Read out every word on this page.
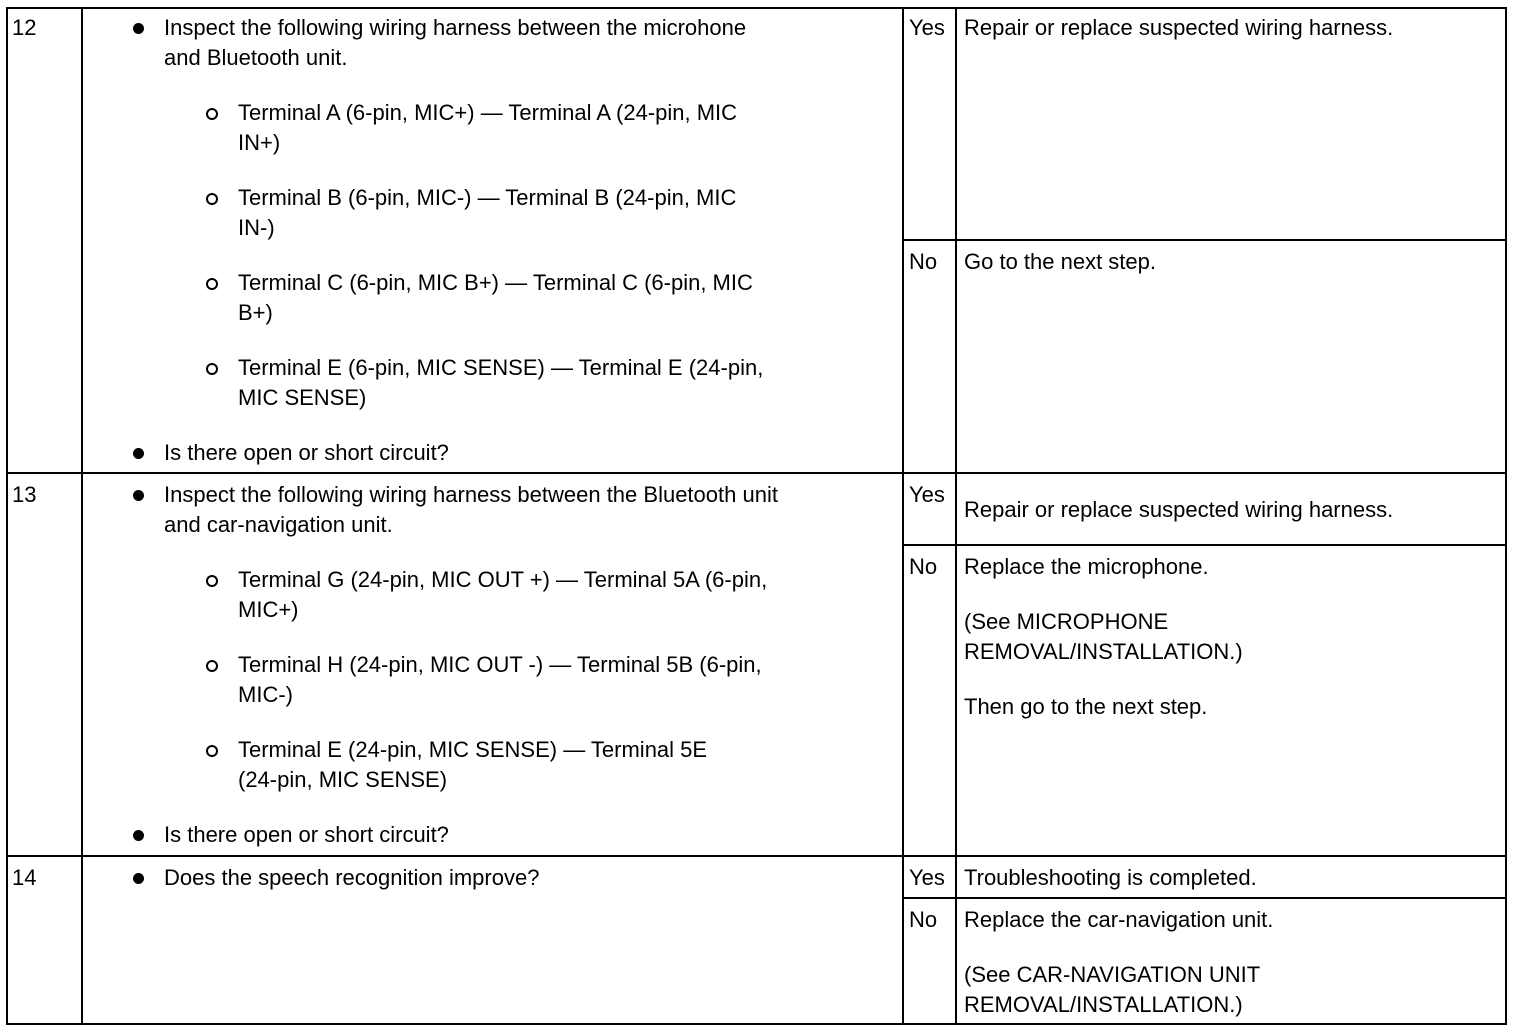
12	Inspect the following wiring harness between the microhone
and Bluetooth unit.
Terminal A (6-pin, MIC+) — Terminal A (24-pin, MIC
IN+)
Terminal B (6-pin, MIC-) — Terminal B (24-pin, MIC
IN-)
Terminal C (6-pin, MIC B+) — Terminal C (6-pin, MIC
B+)
Terminal E (6-pin, MIC SENSE) — Terminal E (24-pin,
MIC SENSE)
Is there open or short circuit?
Yes Repair or replace suspected wiring harness.
No Go to the next step.
13	Inspect the following wiring harness between the Bluetooth unit
and car-navigation unit.
Terminal G (24-pin, MIC OUT +) — Terminal 5A (6-pin,
MIC+)
Terminal H (24-pin, MIC OUT -) — Terminal 5B (6-pin,
MIC-)
Terminal E (24-pin, MIC SENSE) — Terminal 5E
(24-pin, MIC SENSE)
Is there open or short circuit?
Yes
Repair or replace suspected wiring harness.
No Replace the microphone.
(See MICROPHONE
REMOVAL/INSTALLATION.)
Then go to the next step.
14	Does the speech recognition improve?	Yes Troubleshooting is completed.
No Replace the car-navigation unit.
(See CAR-NAVIGATION UNIT
REMOVAL/INSTALLATION.)
